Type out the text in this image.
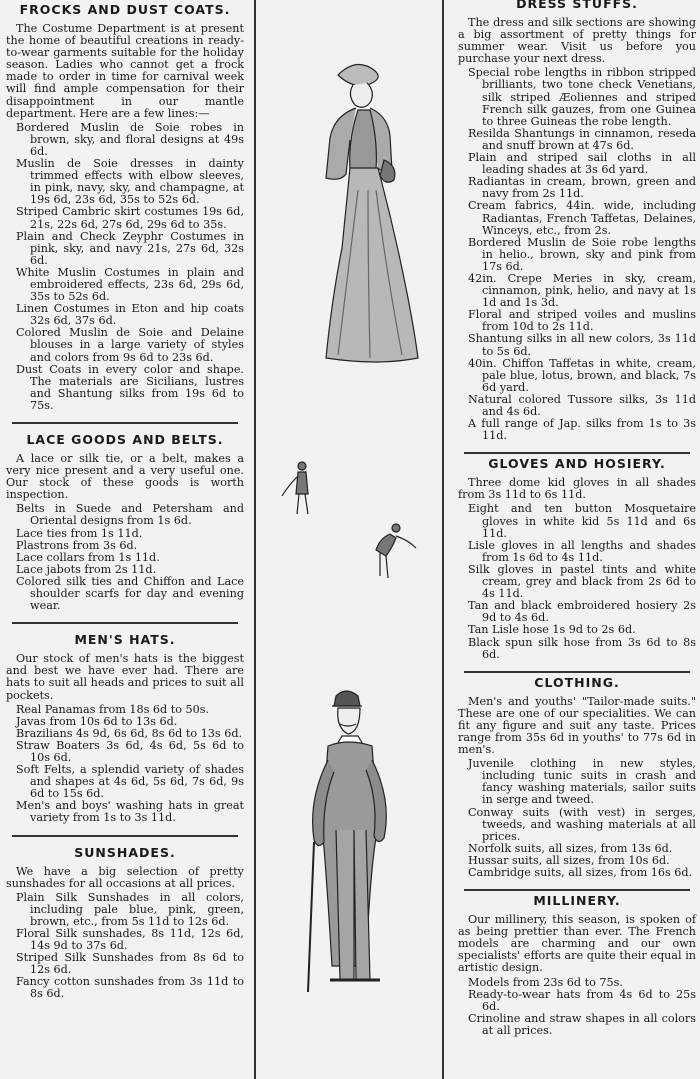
FROCKS AND DUST COATS.

The Costume Department is at present the home of beautiful creations in ready-to-wear garments suitable for the holiday season. Ladies who cannot get a frock made to order in time for carnival week will find ample compensation for their disappointment in our mantle department. Here are a few lines:—

Bordered Muslin de Soie robes in brown, sky, and floral designs at 49s 6d.
Muslin de Soie dresses in dainty trimmed effects with elbow sleeves, in pink, navy, sky, and champagne, at 19s 6d, 23s 6d, 35s to 52s 6d.
Striped Cambric skirt costumes 19s 6d, 21s, 22s 6d, 27s 6d, 29s 6d to 35s.
Plain and Check Zeyphr Costumes in pink, sky, and navy 21s, 27s 6d, 32s 6d.
White Muslin Costumes in plain and embroidered effects, 23s 6d, 29s 6d, 35s to 52s 6d.
Linen Costumes in Eton and hip coats 32s 6d, 37s 6d.
Colored Muslin de Soie and Delaine blouses in a large variety of styles and colors from 9s 6d to 23s 6d.
Dust Coats in every color and shape. The materials are Sicilians, lustres and Shantung silks from 19s 6d to 75s.
LACE GOODS AND BELTS.

A lace or silk tie, or a belt, makes a very nice present and a very useful one. Our stock of these goods is worth inspection.

Belts in Suede and Petersham and Oriental designs from 1s 6d.
Lace ties from 1s 11d.
Plastrons from 3s 6d.
Lace collars from 1s 11d.
Lace jabots from 2s 11d.
Colored silk ties and Chiffon and Lace shoulder scarfs for day and evening wear.
MEN'S HATS.

Our stock of men's hats is the biggest and best we have ever had. There are hats to suit all heads and prices to suit all pockets.

Real Panamas from 18s 6d to 50s.
Javas from 10s 6d to 13s 6d.
Brazilians 4s 9d, 6s 6d, 8s 6d to 13s 6d.
Straw Boaters 3s 6d, 4s 6d, 5s 6d to 10s 6d.
Soft Felts, a splendid variety of shades and shapes at 4s 6d, 5s 6d, 7s 6d, 9s 6d to 15s 6d.
Men's and boys' washing hats in great variety from 1s to 3s 11d.
SUNSHADES.

We have a big selection of pretty sunshades for all occasions at all prices.

Plain Silk Sunshades in all colors, including pale blue, pink, green, brown, etc., from 5s 11d to 12s 6d.
Floral Silk sunshades, 8s 11d, 12s 6d, 14s 9d to 37s 6d.
Striped Silk Sunshades from 8s 6d to 12s 6d.
Fancy cotton sunshades from 3s 11d to 8s 6d.
DRESS STUFFS.

The dress and silk sections are showing a big assortment of pretty things for summer wear. Visit us before you purchase your next dress.

Special robe lengths in ribbon stripped brilliants, two tone check Venetians, silk striped Æoliennes and striped French silk gauzes, from one Guinea to three Guineas the robe length.
Resilda Shantungs in cinnamon, reseda and snuff brown at 47s 6d.
Plain and striped sail cloths in all leading shades at 3s 6d yard.
Radiantas in cream, brown, green and navy from 2s 11d.
Cream fabrics, 44in. wide, including Radiantas, French Taffetas, Delaines, Winceys, etc., from 2s.
Bordered Muslin de Soie robe lengths in helio., brown, sky and pink from 17s 6d.
42in. Crepe Meries in sky, cream, cinnamon, pink, helio, and navy at 1s 1d and 1s 3d.
Floral and striped voiles and muslins from 10d to 2s 11d.
Shantung silks in all new colors, 3s 11d to 5s 6d.
40in. Chiffon Taffetas in white, cream, pale blue, lotus, brown, and black, 7s 6d yard.
Natural colored Tussore silks, 3s 11d and 4s 6d.
A full range of Jap. silks from 1s to 3s 11d.
GLOVES AND HOSIERY.

Three dome kid gloves in all shades from 3s 11d to 6s 11d.

Eight and ten button Mosquetaire gloves in white kid 5s 11d and 6s 11d.
Lisle gloves in all lengths and shades from 1s 6d to 4s 11d.
Silk gloves in pastel tints and white cream, grey and black from 2s 6d to 4s 11d.
Tan and black embroidered hosiery 2s 9d to 4s 6d.
Tan Lisle hose 1s 9d to 2s 6d.
Black spun silk hose from 3s 6d to 8s 6d.
CLOTHING.

Men's and youths' "Tailor-made suits." These are one of our specialities. We can fit any figure and suit any taste. Prices range from 35s 6d in youths' to 77s 6d in men's.

Juvenile clothing in new styles, including tunic suits in crash and fancy washing materials, sailor suits in serge and tweed.
Conway suits (with vest) in serges, tweeds, and washing materials at all prices.
Norfolk suits, all sizes, from 13s 6d.
Hussar suits, all sizes, from 10s 6d.
Cambridge suits, all sizes, from 16s 6d.
MILLINERY.

Our millinery, this season, is spoken of as being prettier than ever. The French models are charming and our own specialists' efforts are quite their equal in artistic design.

Models from 23s 6d to 75s.
Ready-to-wear hats from 4s 6d to 25s 6d.
Crinoline and straw shapes in all colors at all prices.
